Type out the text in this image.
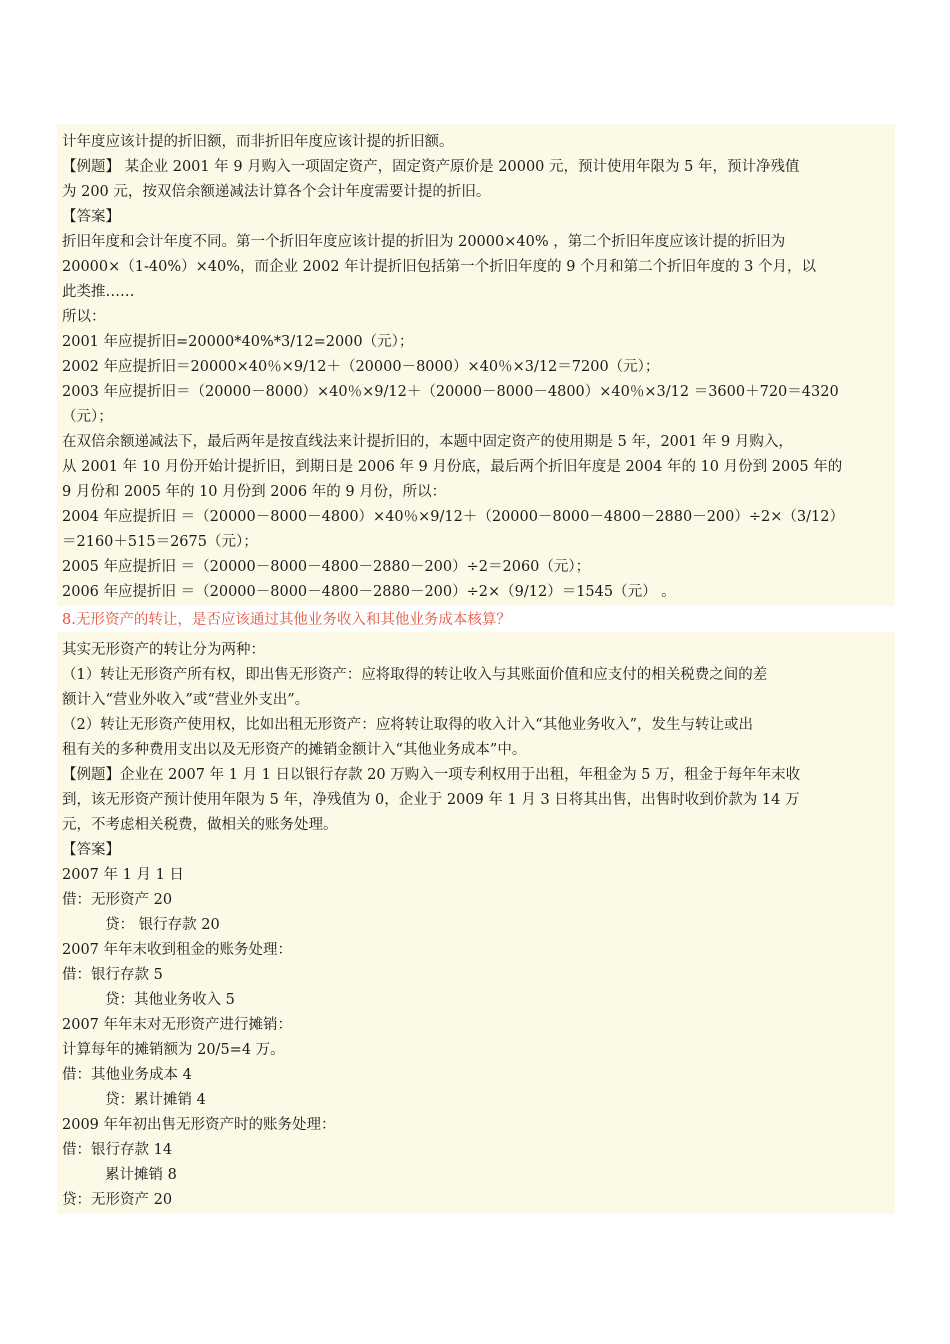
计年度应该计提的折旧额，而非折旧年度应该计提的折旧额。
【例题】 某企业 2001 年 9 月购入一项固定资产，固定资产原价是 20000 元，预计使用年限为 5 年，预计净残值
为 200 元，按双倍余额递减法计算各个会计年度需要计提的折旧。
【答案】
折旧年度和会计年度不同。第一个折旧年度应该计提的折旧为 20000×40% ，第二个折旧年度应该计提的折旧为
20000×（1-40%）×40%，而企业 2002 年计提折旧包括第一个折旧年度的 9 个月和第二个折旧年度的 3 个月，以
此类推……
所以：
2001 年应提折旧=20000*40%*3/12=2000（元）；
2002 年应提折旧＝20000×40％×9/12＋（20000－8000）×40％×3/12＝7200（元）；
2003 年应提折旧＝（20000－8000）×40％×9/12＋（20000－8000－4800）×40％×3/12 ＝3600＋720＝4320
（元）；
在双倍余额递减法下，最后两年是按直线法来计提折旧的，本题中固定资产的使用期是 5 年，2001 年 9 月购入，
从 2001 年 10 月份开始计提折旧，到期日是 2006 年 9 月份底，最后两个折旧年度是 2004 年的 10 月份到 2005 年的
9 月份和 2005 年的 10 月份到 2006 年的 9 月份，所以：
2004 年应提折旧 ＝（20000－8000－4800）×40％×9/12＋（20000－8000－4800－2880－200）÷2×（3/12）
＝2160＋515＝2675（元）；
2005 年应提折旧 ＝（20000－8000－4800－2880－200）÷2＝2060（元）；
2006 年应提折旧 ＝（20000－8000－4800－2880－200）÷2×（9/12）＝1545（元） 。
8.无形资产的转让，是否应该通过其他业务收入和其他业务成本核算？
其实无形资产的转让分为两种：
（1）转让无形资产所有权，即出售无形资产：应将取得的转让收入与其账面价值和应支付的相关税费之间的差
额计入“营业外收入”或“营业外支出”。
（2）转让无形资产使用权，比如出租无形资产：应将转让取得的收入计入“其他业务收入”，发生与转让或出
租有关的多种费用支出以及无形资产的摊销金额计入“其他业务成本”中。
【例题】企业在 2007 年 1 月 1 日以银行存款 20 万购入一项专利权用于出租，年租金为 5 万，租金于每年年末收
到，该无形资产预计使用年限为 5 年，净残值为 0，企业于 2009 年 1 月 3 日将其出售，出售时收到价款为 14 万
元，不考虑相关税费，做相关的账务处理。
【答案】
2007 年 1 月 1 日
借：无形资产 20
贷： 银行存款 20
2007 年年末收到租金的账务处理：
借：银行存款 5
贷：其他业务收入 5
2007 年年末对无形资产进行摊销：
计算每年的摊销额为 20/5=4 万。
借：其他业务成本 4
贷：累计摊销 4
2009 年年初出售无形资产时的账务处理：
借：银行存款 14
累计摊销 8
贷：无形资产 20
